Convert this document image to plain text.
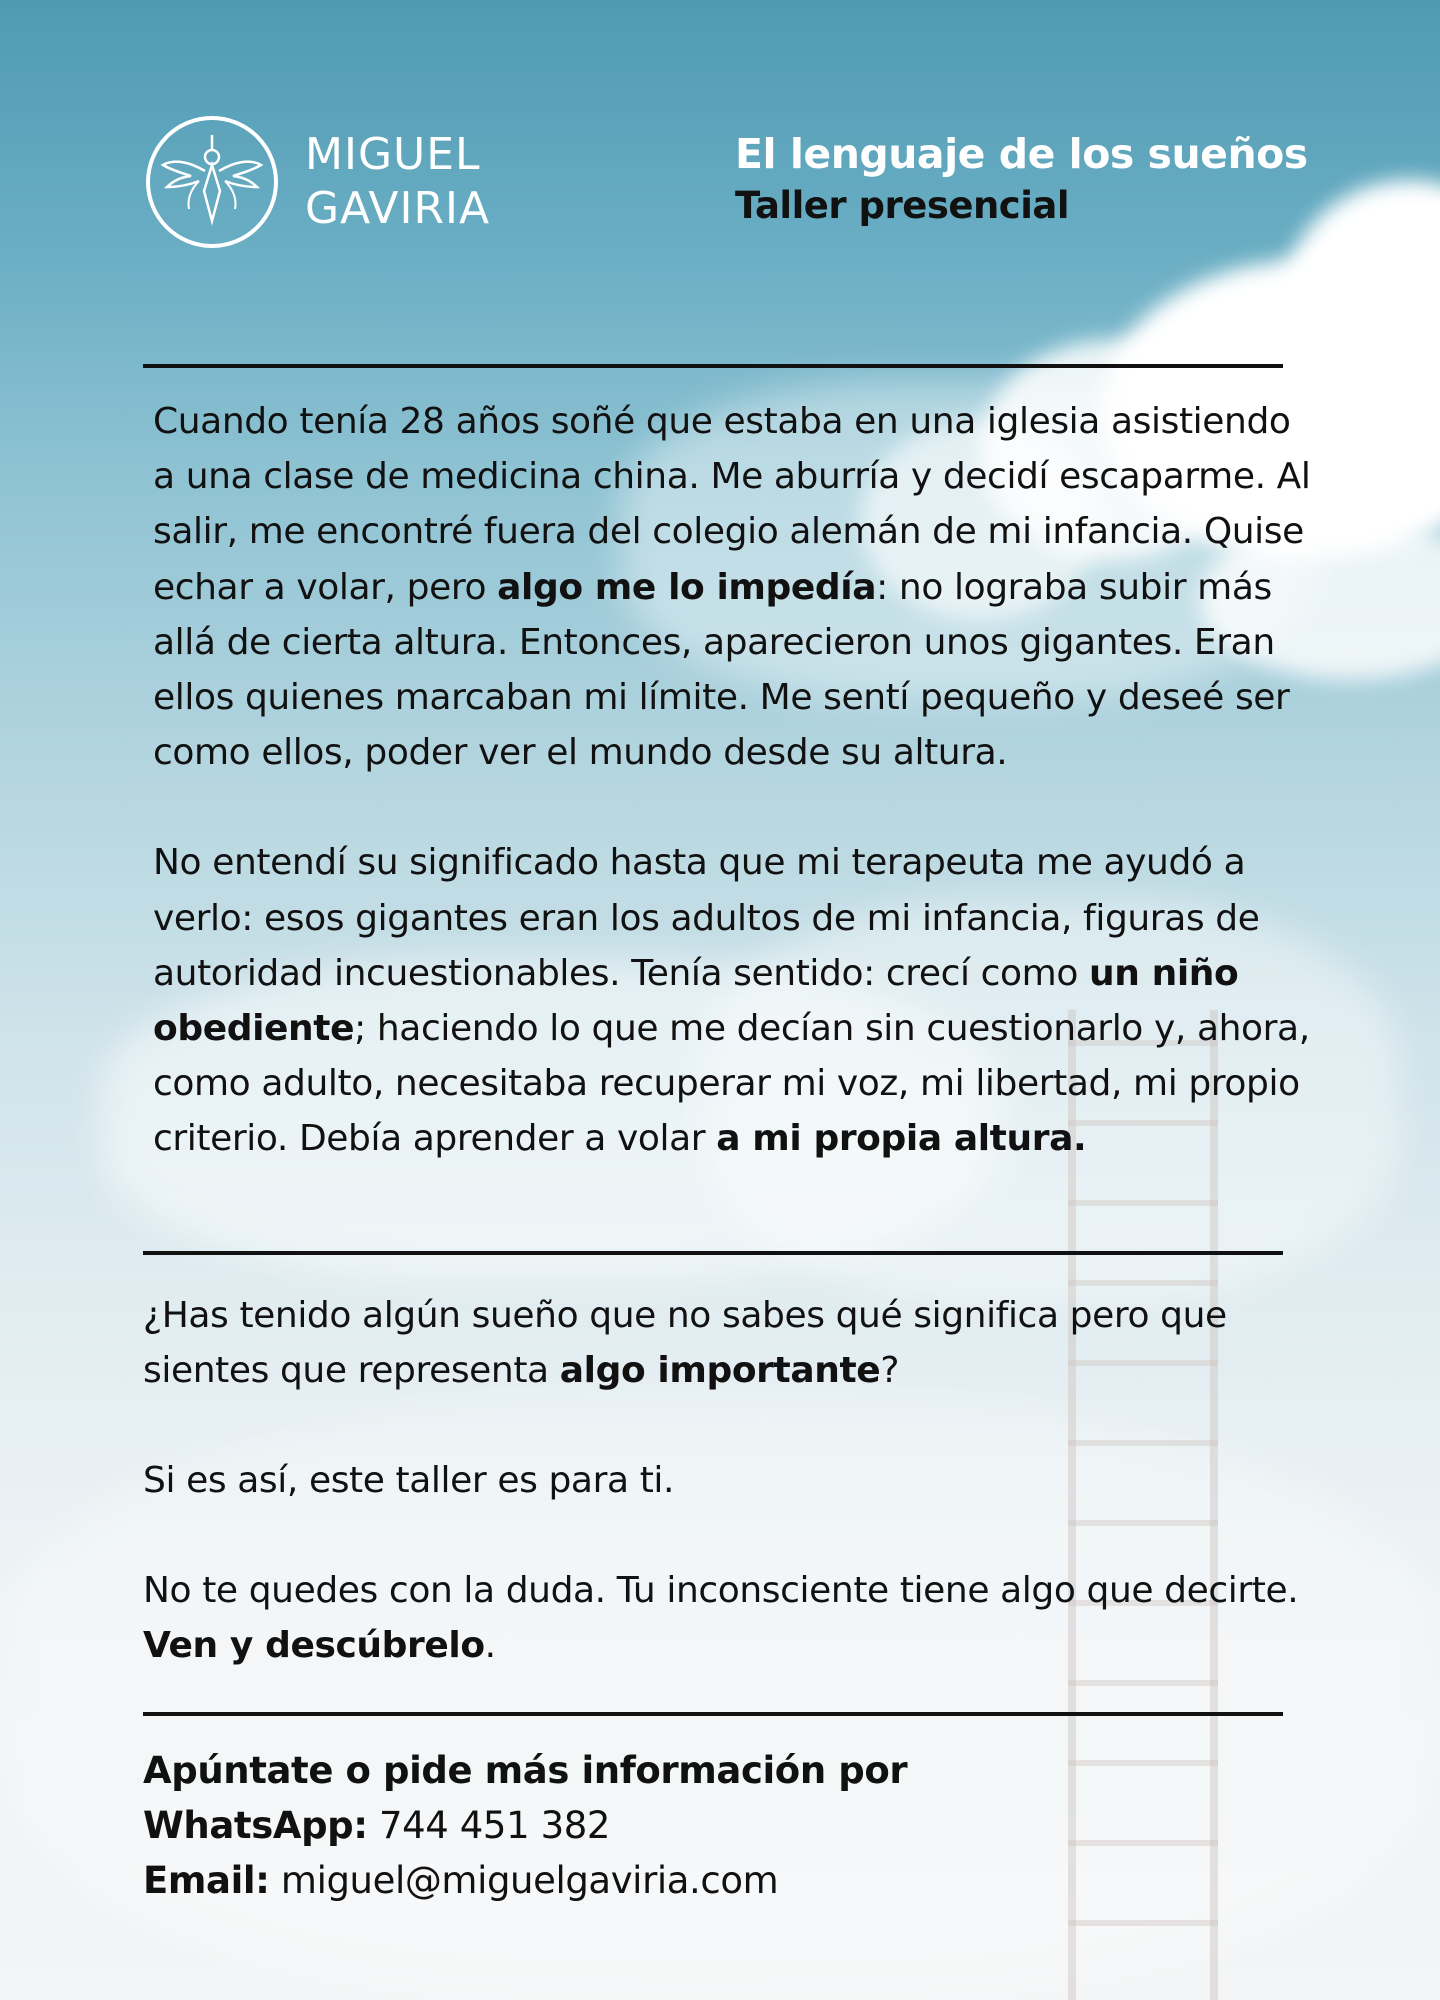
MIGUEL
GAVIRIA
El lenguaje de los sueños
Taller presencial

Cuando tenía 28 años soñé que estaba en una iglesia asistiendo a una clase de medicina china. Me aburría y decidí escaparme. Al salir, me encontré fuera del colegio alemán de mi infancia. Quise echar a volar, pero algo me lo impedía: no lograba subir más allá de cierta altura. Entonces, aparecieron unos gigantes. Eran ellos quienes marcaban mi límite. Me sentí pequeño y deseé ser como ellos, poder ver el mundo desde su altura.

No entendí su significado hasta que mi terapeuta me ayudó a verlo: esos gigantes eran los adultos de mi infancia, figuras de autoridad incuestionables. Tenía sentido: crecí como un niño obediente; haciendo lo que me decían sin cuestionarlo y, ahora, como adulto, necesitaba recuperar mi voz, mi libertad, mi propio criterio. Debía aprender a volar a mi propia altura.

¿Has tenido algún sueño que no sabes qué significa pero que sientes que representa algo importante?

Si es así, este taller es para ti.

No te quedes con la duda. Tu inconsciente tiene algo que decirte. Ven y descúbrelo.

Apúntate o pide más información por

WhatsApp: 744 451 382

Email: miguel@miguelgaviria.com
